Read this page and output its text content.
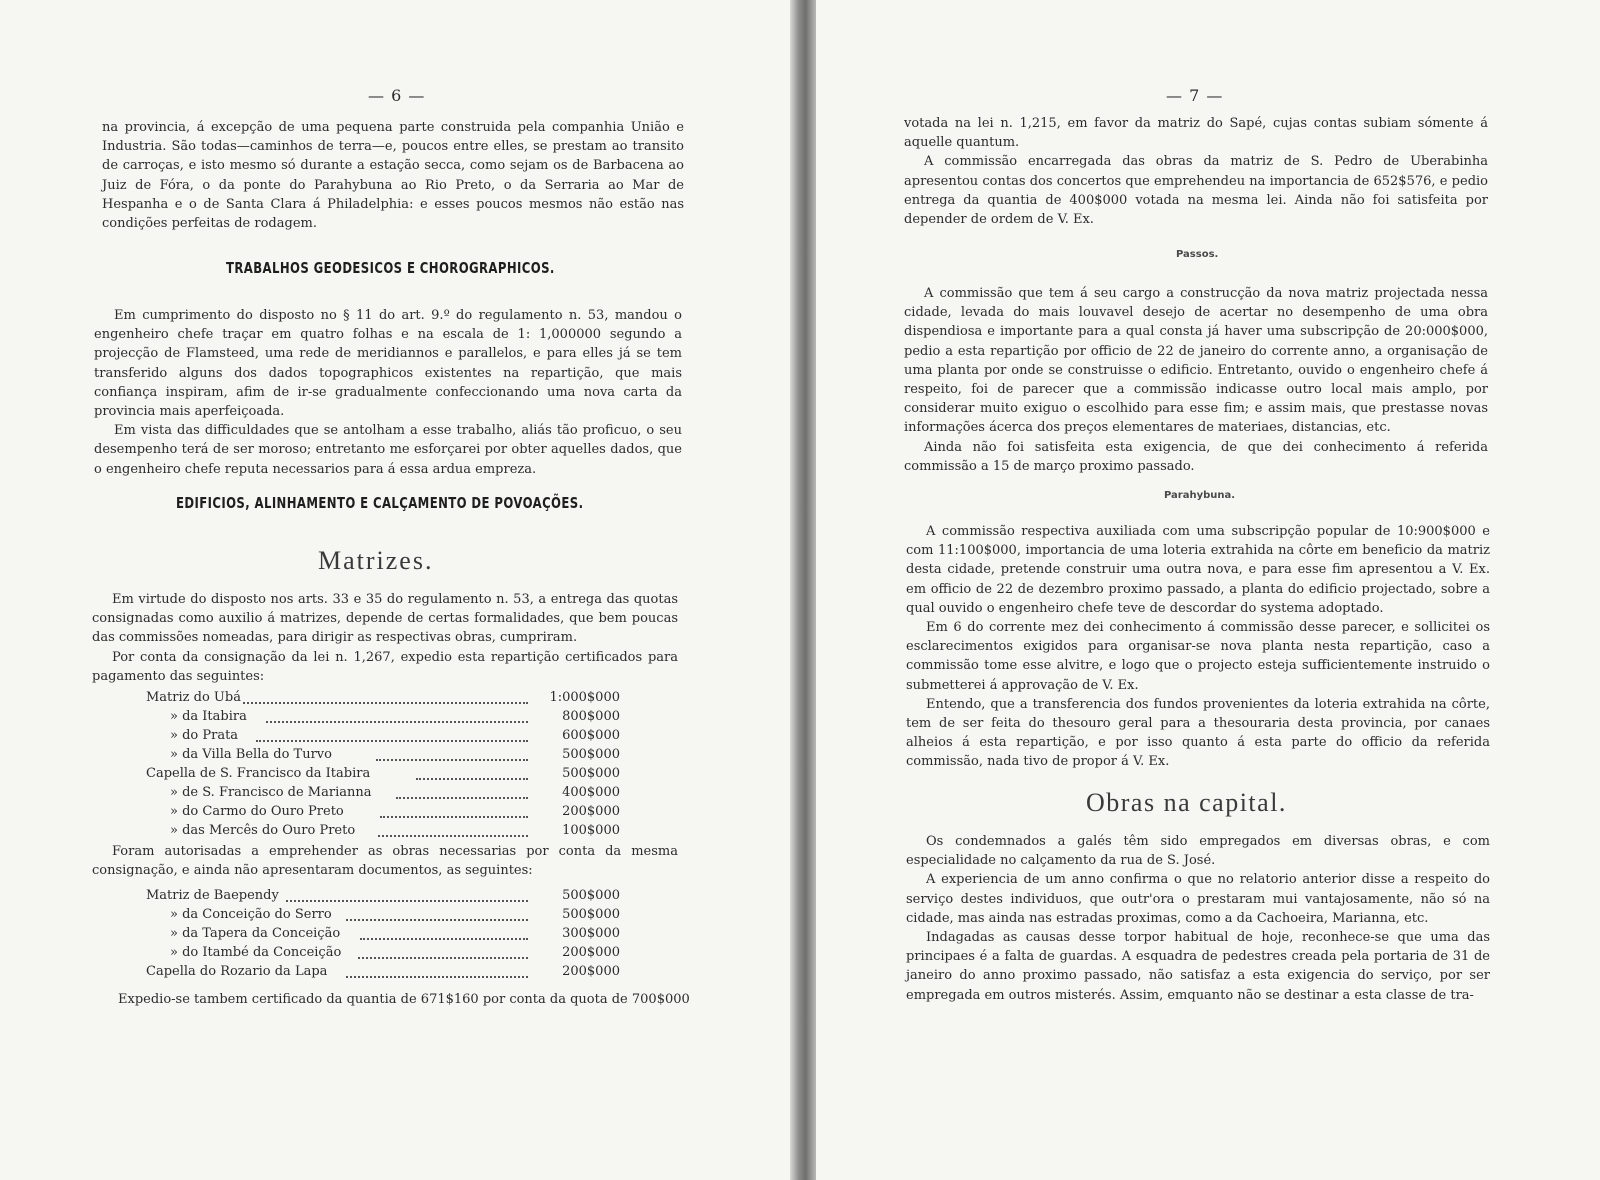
— 6 —

na provincia, á excepção de uma pequena parte construida pela companhia União e Industria. São todas—caminhos de terra—e, poucos entre elles, se prestam ao transito de carroças, e isto mesmo só durante a estação secca, como sejam os de Barbacena ao Juiz de Fóra, o da ponte do Parahybuna ao Rio Preto, o da Serraria ao Mar de Hespanha e o de Santa Clara á Philadelphia: e esses poucos mesmos não estão nas condições perfeitas de rodagem.

TRABALHOS GEODESICOS E CHOROGRAPHICOS.

Em cumprimento do disposto no § 11 do art. 9.º do regulamento n. 53, mandou o engenheiro chefe traçar em quatro folhas e na escala de 1: 1,000000 segundo a projecção de Flamsteed, uma rede de meridiannos e parallelos, e para elles já se tem transferido alguns dos dados topographicos existentes na repartição, que mais confiança inspiram, afim de ir-se gradualmente confeccionando uma nova carta da provincia mais aperfeiçoada.

Em vista das difficuldades que se antolham a esse trabalho, aliás tão proficuo, o seu desempenho terá de ser moroso; entretanto me esforçarei por obter aquelles dados, que o engenheiro chefe reputa necessarios para á essa ardua empreza.

EDIFICIOS, ALINHAMENTO E CALÇAMENTO DE POVOAÇÕES.
Matrizes.

Em virtude do disposto nos arts. 33 e 35 do regulamento n. 53, a entrega das quotas consignadas como auxilio á matrizes, depende de certas formalidades, que bem poucas das commissões nomeadas, para dirigir as respectivas obras, cumpriram.

Por conta da consignação da lei n. 1,267, expedio esta repartição certificados para pagamento das seguintes:

Matriz do Ubá	1:000$000
» da Itabira	800$000
» do Prata	600$000
» da Villa Bella do Turvo	500$000
Capella de S. Francisco da Itabira	500$000
» de S. Francisco de Marianna	400$000
» do Carmo do Ouro Preto	200$000
» das Mercês do Ouro Preto	100$000

Foram autorisadas a emprehender as obras necessarias por conta da mesma consignação, e ainda não apresentaram documentos, as seguintes:

Matriz de Baependy	500$000
» da Conceição do Serro	500$000
» da Tapera da Conceição	300$000
» do Itambé da Conceição	200$000
Capella do Rozario da Lapa	200$000

Expedio-se tambem certificado da quantia de 671$160 por conta da quota de 700$000

— 7 —

votada na lei n. 1,215, em favor da matriz do Sapé, cujas contas subiam sómente á aquelle quantum.

A commissão encarregada das obras da matriz de S. Pedro de Uberabinha apresentou contas dos concertos que emprehendeu na importancia de 652$576, e pedio entrega da quantia de 400$000 votada na mesma lei. Ainda não foi satisfeita por depender de ordem de V. Ex.

Passos.

A commissão que tem á seu cargo a construcção da nova matriz projectada nessa cidade, levada do mais louvavel desejo de acertar no desempenho de uma obra dispendiosa e importante para a qual consta já haver uma subscripção de 20:000$000, pedio a esta repartição por officio de 22 de janeiro do corrente anno, a organisação de uma planta por onde se construisse o edificio. Entretanto, ouvido o engenheiro chefe á respeito, foi de parecer que a commissão indicasse outro local mais amplo, por considerar muito exiguo o escolhido para esse fim; e assim mais, que prestasse novas informações ácerca dos preços elementares de materiaes, distancias, etc.

Ainda não foi satisfeita esta exigencia, de que dei conhecimento á referida commissão a 15 de março proximo passado.

Parahybuna.

A commissão respectiva auxiliada com uma subscripção popular de 10:900$000 e com 11:100$000, importancia de uma loteria extrahida na côrte em beneficio da matriz desta cidade, pretende construir uma outra nova, e para esse fim apresentou a V. Ex. em officio de 22 de dezembro proximo passado, a planta do edificio projectado, sobre a qual ouvido o engenheiro chefe teve de descordar do systema adoptado.

Em 6 do corrente mez dei conhecimento á commissão desse parecer, e sollicitei os esclarecimentos exigidos para organisar-se nova planta nesta repartição, caso a commissão tome esse alvitre, e logo que o projecto esteja sufficientemente instruido o submetterei á approvação de V. Ex.

Entendo, que a transferencia dos fundos provenientes da loteria extrahida na côrte, tem de ser feita do thesouro geral para a thesouraria desta provincia, por canaes alheios á esta repartição, e por isso quanto á esta parte do officio da referida commissão, nada tivo de propor á V. Ex.

Obras na capital.

Os condemnados a galés têm sido empregados em diversas obras, e com especialidade no calçamento da rua de S. José.

A experiencia de um anno confirma o que no relatorio anterior disse a respeito do serviço destes individuos, que outr'ora o prestaram mui vantajosamente, não só na cidade, mas ainda nas estradas proximas, como a da Cachoeira, Marianna, etc.

Indagadas as causas desse torpor habitual de hoje, reconhece-se que uma das principaes é a falta de guardas. A esquadra de pedestres creada pela portaria de 31 de janeiro do anno proximo passado, não satisfaz a esta exigencia do serviço, por ser empregada em outros misterés. Assim, emquanto não se destinar a esta classe de tra-
